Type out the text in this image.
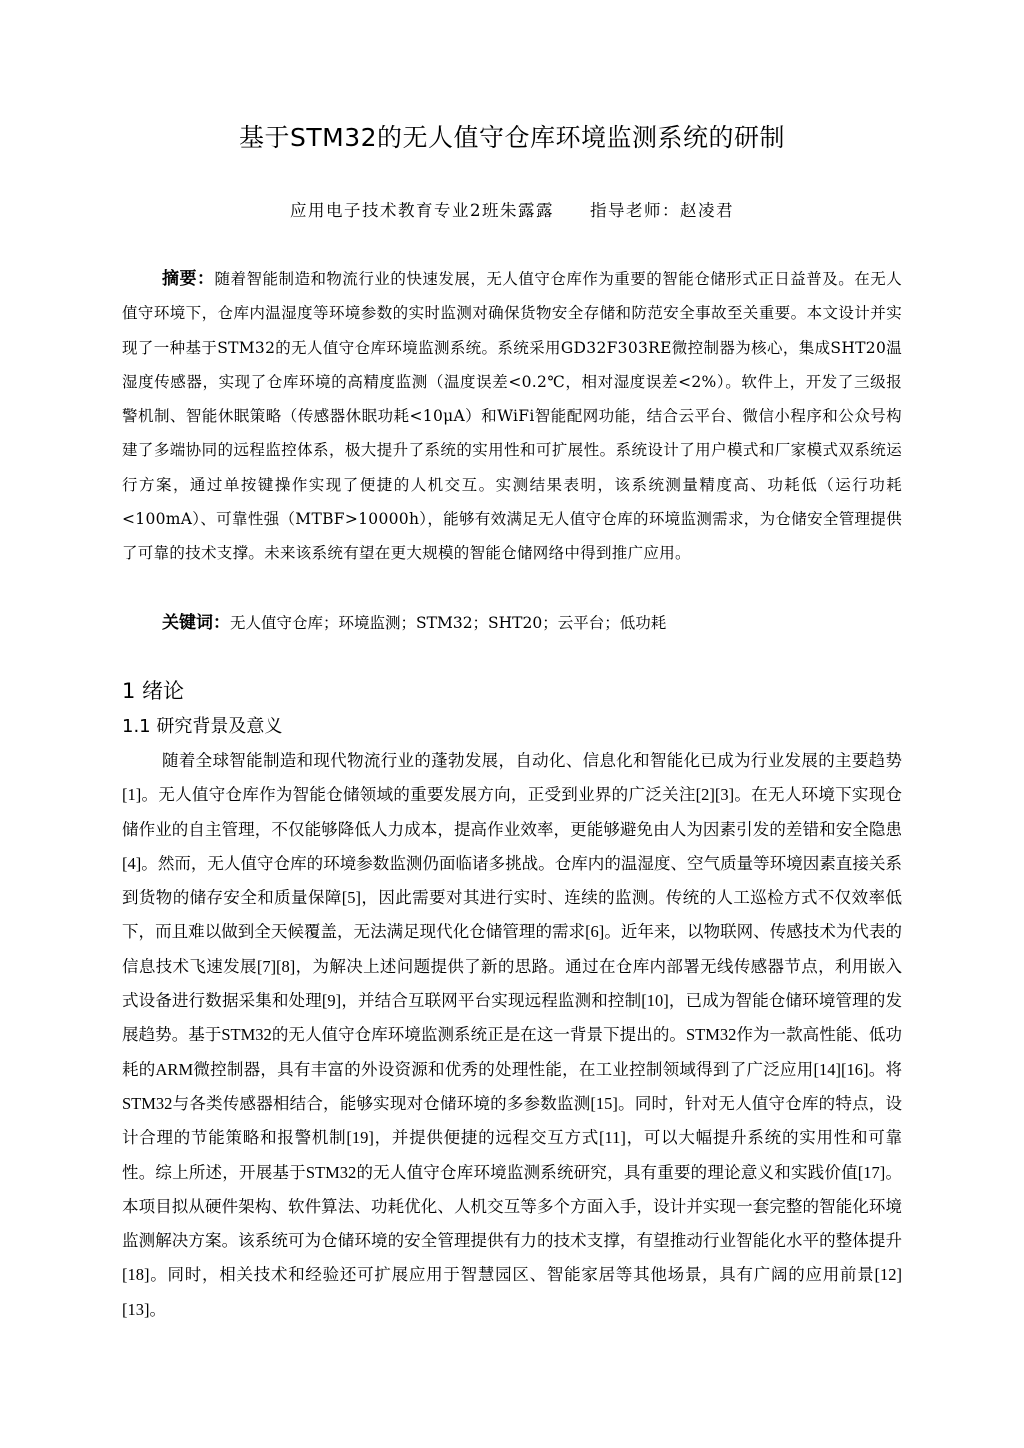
基于STM32的无人值守仓库环境监测系统的研制
应用电子技术教育专业2班朱露露 指导老师：赵凌君

摘要：随着智能制造和物流行业的快速发展，无人值守仓库作为重要的智能仓储形式正日益普及。在无人值守环境下，仓库内温湿度等环境参数的实时监测对确保货物安全存储和防范安全事故至关重要。本文设计并实现了一种基于STM32的无人值守仓库环境监测系统。系统采用GD32F303RE微控制器为核心，集成SHT20温湿度传感器，实现了仓库环境的高精度监测（温度误差<0.2℃，相对湿度误差<2%）。软件上，开发了三级报警机制、智能休眠策略（传感器休眠功耗<10μA）和WiFi智能配网功能，结合云平台、微信小程序和公众号构建了多端协同的远程监控体系，极大提升了系统的实用性和可扩展性。系统设计了用户模式和厂家模式双系统运行方案，通过单按键操作实现了便捷的人机交互。实测结果表明，该系统测量精度高、功耗低（运行功耗<100mA）、可靠性强（MTBF>10000h），能够有效满足无人值守仓库的环境监测需求，为仓储安全管理提供了可靠的技术支撑。未来该系统有望在更大规模的智能仓储网络中得到推广应用。

关键词：无人值守仓库；环境监测；STM32；SHT20；云平台；低功耗

1 绪论
1.1 研究背景及意义

随着全球智能制造和现代物流行业的蓬勃发展，自动化、信息化和智能化已成为行业发展的主要趋势[1]。无人值守仓库作为智能仓储领域的重要发展方向，正受到业界的广泛关注[2][3]。在无人环境下实现仓储作业的自主管理，不仅能够降低人力成本，提高作业效率，更能够避免由人为因素引发的差错和安全隐患[4]。然而，无人值守仓库的环境参数监测仍面临诸多挑战。仓库内的温湿度、空气质量等环境因素直接关系到货物的储存安全和质量保障[5]，因此需要对其进行实时、连续的监测。传统的人工巡检方式不仅效率低下，而且难以做到全天候覆盖，无法满足现代化仓储管理的需求[6]。近年来，以物联网、传感技术为代表的信息技术飞速发展[7][8]，为解决上述问题提供了新的思路。通过在仓库内部署无线传感器节点，利用嵌入式设备进行数据采集和处理[9]，并结合互联网平台实现远程监测和控制[10]，已成为智能仓储环境管理的发展趋势。基于STM32的无人值守仓库环境监测系统正是在这一背景下提出的。STM32作为一款高性能、低功耗的ARM微控制器，具有丰富的外设资源和优秀的处理性能，在工业控制领域得到了广泛应用[14][16]。将STM32与各类传感器相结合，能够实现对仓储环境的多参数监测[15]。同时，针对无人值守仓库的特点，设计合理的节能策略和报警机制[19]，并提供便捷的远程交互方式[11]，可以大幅提升系统的实用性和可靠性。综上所述，开展基于STM32的无人值守仓库环境监测系统研究，具有重要的理论意义和实践价值[17]。本项目拟从硬件架构、软件算法、功耗优化、人机交互等多个方面入手，设计并实现一套完整的智能化环境监测解决方案。该系统可为仓储环境的安全管理提供有力的技术支撑，有望推动行业智能化水平的整体提升[18]。同时，相关技术和经验还可扩展应用于智慧园区、智能家居等其他场景，具有广阔的应用前景[12][13]。
